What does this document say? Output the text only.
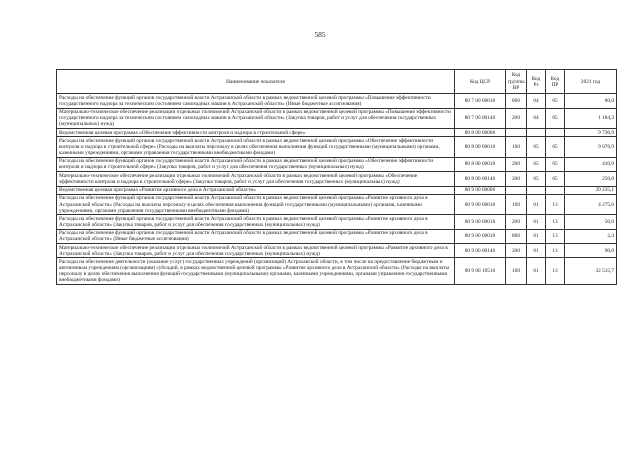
585
Наименование показателя	Код ЦСР	Код группы ВР	Код Рз	Код ПР	2021 год
Расходы на обеспечение функций органов государственной власти Астраханской области в рамках ведомственной целевой программы «Повышение эффективности государственного надзора за техническим состоянием самоходных машин в Астраханской области» (Иные бюджетные ассигнования)	80 7 00 00010	800	04	05	80,0
Материально-техническое обеспечение реализации отдельных полномочий Астраханской области в рамках ведомственной целевой программы «Повышение эффективности государственного надзора за техническим состоянием самоходных машин в Астраханской области» (Закупка товаров, работ и услуг для обеспечения государственных (муниципальных) нужд)	80 7 00 00140	200	04	05	1 184,3
Ведомственная целевая программа «Обеспечение эффективности контроля и надзора в строительной сфере»	80 8 00 00000				9 736,9
Расходы на обеспечение функций органов государственной власти Астраханской области в рамках ведомственной целевой программы «Обеспечение эффективности контроля и надзора в строительной сфере» (Расходы на выплаты персоналу в целях обеспечения выполнения функций государственными (муниципальными) органами, казенными учреждениями, органами управления государственными внебюджетными фондами)	80 8 00 00010	100	05	05	9 076,9
Расходы на обеспечение функций органов государственной власти Астраханской области в рамках ведомственной целевой программы «Обеспечение эффективности контроля и надзора в строительной сфере» (Закупка товаров, работ и услуг для обеспечения государственных (муниципальных) нужд)	80 8 00 00010	200	05	05	410,0
Материально-техническое обеспечение реализации отдельных полномочий Астраханской области в рамках ведомственной целевой программы «Обеспечение эффективности контроля и надзора в строительной сфере» (Закупка товаров, работ и услуг для обеспечения государственных (муниципальных) нужд)	80 8 00 00140	200	05	05	250,0
Ведомственная целевая программа «Развитие архивного дела в Астраханской области»	80 9 00 00000				39 235,1
Расходы на обеспечение функций органов государственной власти Астраханской области в рамках ведомственной целевой программы «Развитие архивного дела в Астраханской области» (Расходы на выплаты персоналу в целях обеспечения выполнения функций государственными (муниципальными) органами, казенными учреждениями, органами управления государственными внебюджетными фондами)	80 9 00 00010	100	01	13	4 275,0
Расходы на обеспечение функций органов государственной власти Астраханской области в рамках ведомственной целевой программы «Развитие архивного дела в Астраханской области» (Закупка товаров, работ и услуг для обеспечения государственных (муниципальных) нужд)	80 9 00 00010	200	01	13	50,0
Расходы на обеспечение функций органов государственной власти Астраханской области в рамках ведомственной целевой программы «Развитие архивного дела в Астраханской области» (Иные бюджетные ассигнования)	80 9 00 00010	800	01	13	2,4
Материально-техническое обеспечение реализации отдельных полномочий Астраханской области в рамках ведомственной целевой программы «Развитие архивного дела в Астраханской области» (Закупка товаров, работ и услуг для обеспечения государственных (муниципальных) нужд)	80 9 00 00140	200	01	13	90,0
Расходы на обеспечение деятельности (оказание услуг) государственных учреждений (организаций) Астраханской области, в том числе на предоставление бюджетным и автономным учреждениям (организациям) субсидий, в рамках ведомственной целевой программы «Развитие архивного дела в Астраханской области» (Расходы на выплаты персоналу в целях обеспечения выполнения функций государственными (муниципальными) органами, казенными учреждениями, органами управления государственными внебюджетными фондами)	80 9 00 10510	100	01	13	32 515,7
